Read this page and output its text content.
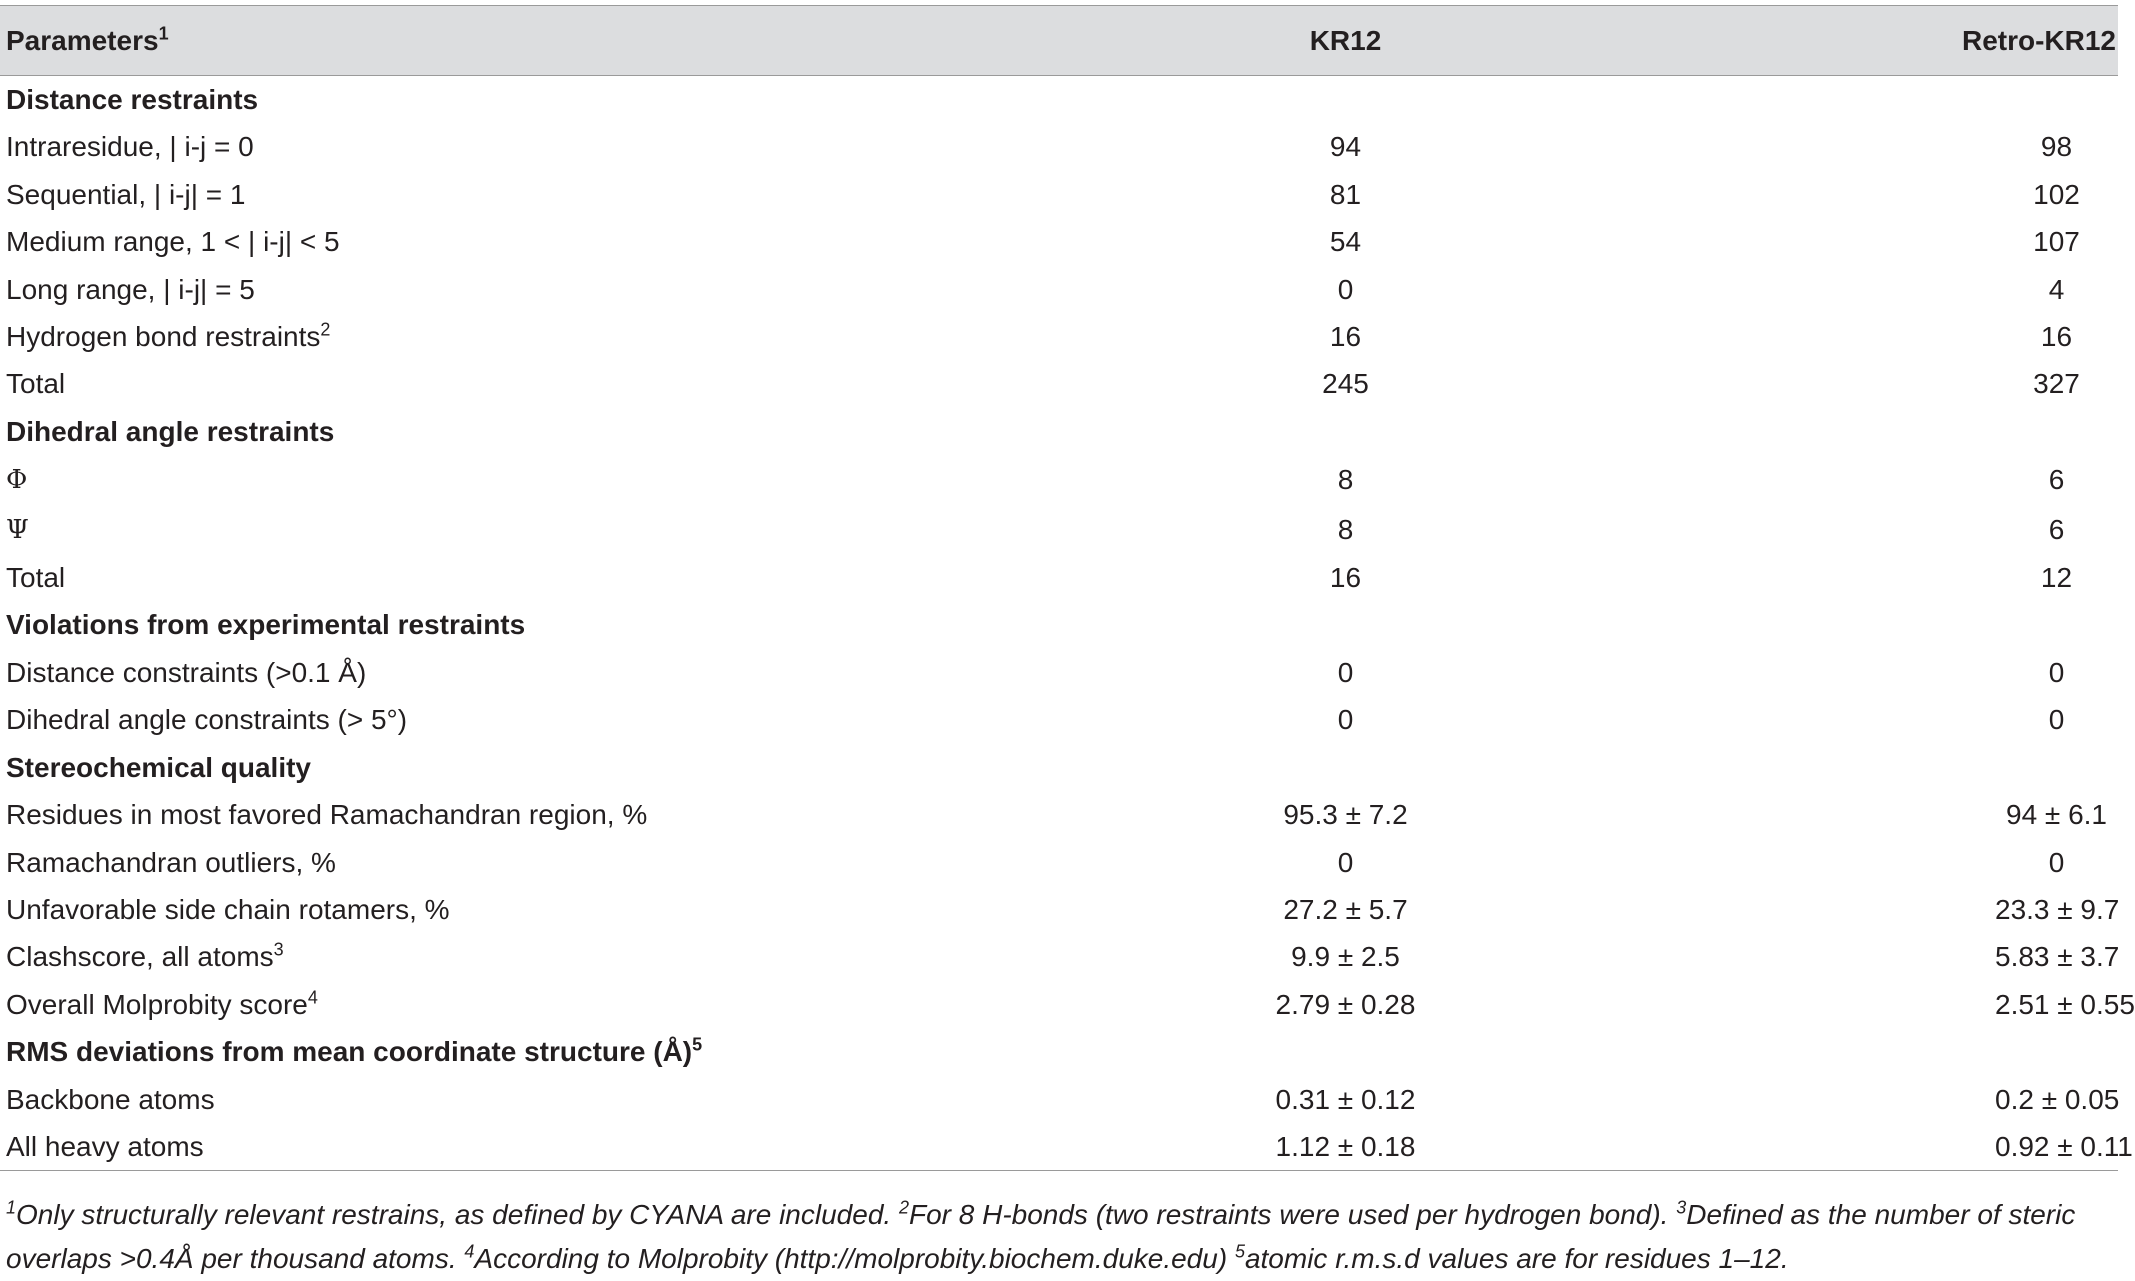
Parameters$^1$	KR12	Retro-KR12
Distance restraints		
Intraresidue, | i-j = 0	94	98
Sequential, | i-j| = 1	81	102
Medium range, 1 < | i-j| < 5	54	107
Long range, | i-j| = 5	0	4
Hydrogen bond restraints$^2$	16	16
Total	245	327
Dihedral angle restraints		
Φ	8	6
Ψ	8	6
Total	16	12
Violations from experimental restraints		
Distance constraints (>0.1 Å)	0	0
Dihedral angle constraints (> 5°)	0	0
Stereochemical quality		
Residues in most favored Ramachandran region, %	95.3 ± 7.2	94 ± 6.1
Ramachandran outliers, %	0	0
Unfavorable side chain rotamers, %	27.2 ± 5.7	23.3 ± 9.7
Clashscore, all atoms$^3$	9.9 ± 2.5	5.83 ± 3.7
Overall Molprobity score$^4$	2.79 ± 0.28	2.51 ± 0.55
RMS deviations from mean coordinate structure (Å)$^5$
Backbone atoms	0.31 ± 0.12	0.2 ± 0.05
All heavy atoms	1.12 ± 0.18	0.92 ± 0.11
$^1$Only structurally relevant restrains, as defined by CYANA are included. $^2$For 8 H-bonds (two restraints were used per hydrogen bond). $^3$Defined as the number of steric overlaps >0.4Å per thousand atoms. $^4$According to Molprobity (http://molprobity.biochem.duke.edu) $^5$atomic r.m.s.d values are for residues 1–12.
